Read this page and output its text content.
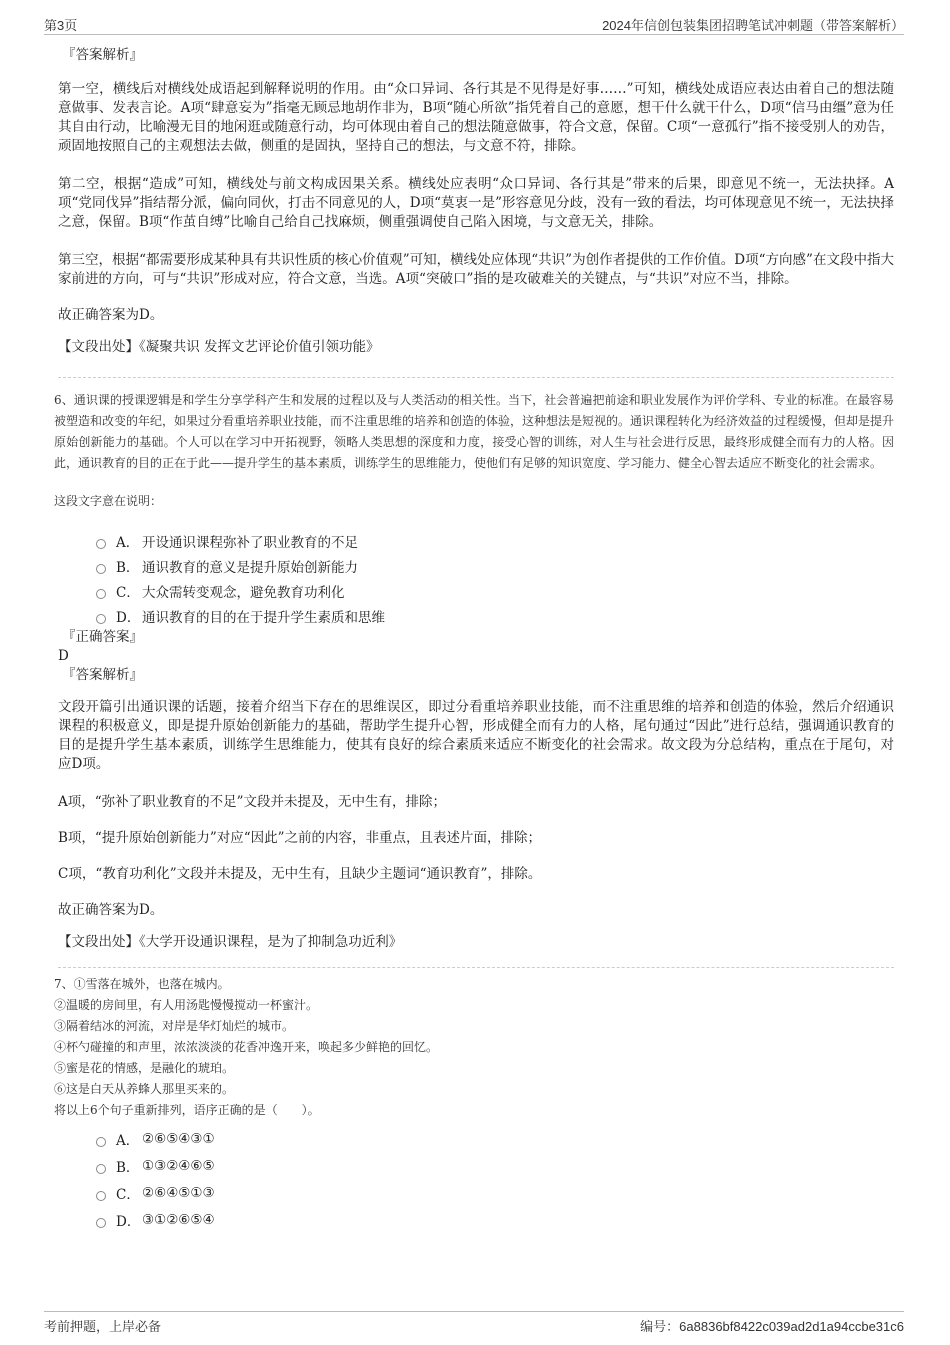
第3页	2024年信创包装集团招聘笔试冲刺题（带答案解析）
『答案解析』

第一空，横线后对横线处成语起到解释说明的作用。由“众口异词、各行其是不见得是好事……”可知，横线处成语应表达由着自己的想法随意做事、发表言论。A项“肆意妄为”指毫无顾忌地胡作非为，B项“随心所欲”指凭着自己的意愿，想干什么就干什么，D项“信马由缰”意为任其自由行动，比喻漫无目的地闲逛或随意行动，均可体现由着自己的想法随意做事，符合文意，保留。C项“一意孤行”指不接受别人的劝告，顽固地按照自己的主观想法去做，侧重的是固执，坚持自己的想法，与文意不符，排除。

第二空，根据“造成”可知，横线处与前文构成因果关系。横线处应表明“众口异词、各行其是”带来的后果，即意见不统一，无法抉择。A项“党同伐异”指结帮分派，偏向同伙，打击不同意见的人，D项“莫衷一是”形容意见分歧，没有一致的看法，均可体现意见不统一，无法抉择之意，保留。B项“作茧自缚”比喻自己给自己找麻烦，侧重强调使自己陷入困境，与文意无关，排除。

第三空，根据“都需要形成某种具有共识性质的核心价值观”可知，横线处应体现“共识”为创作者提供的工作价值。D项“方向感”在文段中指大家前进的方向，可与“共识”形成对应，符合文意，当选。A项“突破口”指的是攻破难关的关键点，与“共识”对应不当，排除。

故正确答案为D。

【文段出处】《凝聚共识 发挥文艺评论价值引领功能》

6、通识课的授课逻辑是和学生分享学科产生和发展的过程以及与人类活动的相关性。当下，社会普遍把前途和职业发展作为评价学科、专业的标准。在最容易被塑造和改变的年纪，如果过分看重培养职业技能，而不注重思维的培养和创造的体验，这种想法是短视的。通识课程转化为经济效益的过程缓慢，但却是提升原始创新能力的基础。个人可以在学习中开拓视野，领略人类思想的深度和力度，接受心智的训练，对人生与社会进行反思，最终形成健全而有力的人格。因此，通识教育的目的正在于此——提升学生的基本素质，训练学生的思维能力，使他们有足够的知识宽度、学习能力、健全心智去适应不断变化的社会需求。

这段文字意在说明：

A． 开设通识课程弥补了职业教育的不足
B． 通识教育的意义是提升原始创新能力
C． 大众需转变观念，避免教育功利化
D． 通识教育的目的在于提升学生素质和思维
『正确答案』
D
『答案解析』

文段开篇引出通识课的话题，接着介绍当下存在的思维误区，即过分看重培养职业技能，而不注重思维的培养和创造的体验，然后介绍通识课程的积极意义，即是提升原始创新能力的基础，帮助学生提升心智，形成健全而有力的人格，尾句通过“因此”进行总结，强调通识教育的目的是提升学生基本素质，训练学生思维能力，使其有良好的综合素质来适应不断变化的社会需求。故文段为分总结构，重点在于尾句，对应D项。

A项，“弥补了职业教育的不足”文段并未提及，无中生有，排除；

B项，“提升原始创新能力”对应“因此”之前的内容，非重点，且表述片面，排除；

C项，“教育功利化”文段并未提及，无中生有，且缺少主题词“通识教育”，排除。

故正确答案为D。

【文段出处】《大学开设通识课程，是为了抑制急功近利》
7、①雪落在城外，也落在城内。
②温暖的房间里，有人用汤匙慢慢搅动一杯蜜汁。
③隔着结冰的河流，对岸是华灯灿烂的城市。
④杯勺碰撞的和声里，浓浓淡淡的花香冲逸开来，唤起多少鲜艳的回忆。
⑤蜜是花的情感，是融化的琥珀。
⑥这是白天从养蜂人那里买来的。
将以上6个句子重新排列，语序正确的是（　　）。
A． ②⑥⑤④③①
B． ①③②④⑥⑤
C． ②⑥④⑤①③
D． ③①②⑥⑤④
考前押题，上岸必备	编号：6a8836bf8422c039ad2d1a94ccbe31c6
